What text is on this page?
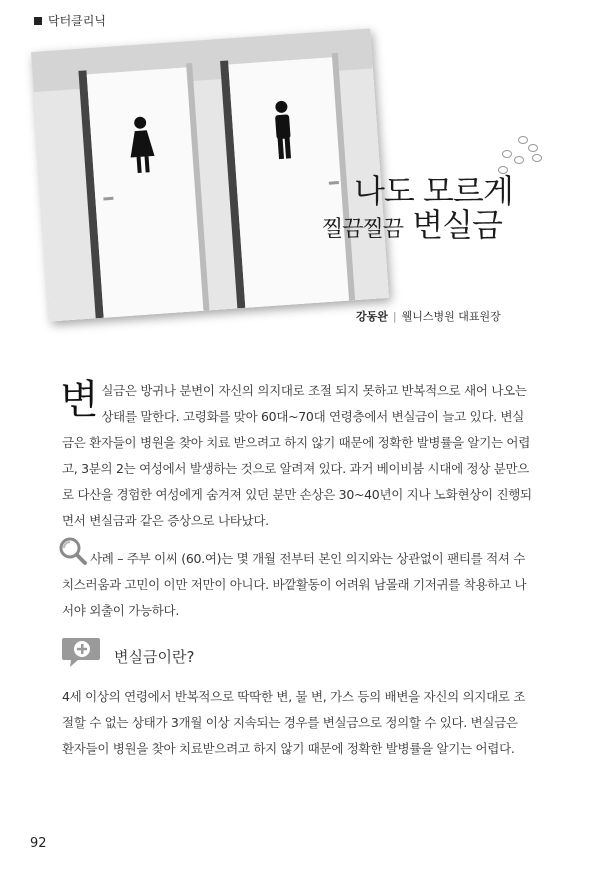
닥터클리닉
나도 모르게
찔끔찔끔 변실금
강동완 | 웰니스병원 대표원장
변실금은 방귀나 분변이 자신의 의지대로 조절 되지 못하고 반복적으로 새어 나오는 상태를 말한다. 고령화를 맞아 60대~70대 연령층에서 변실금이 늘고 있다. 변실금은 환자들이 병원을 찾아 치료 받으려고 하지 않기 때문에 정확한 발병률을 알기는 어렵고, 3분의 2는 여성에서 발생하는 것으로 알려져 있다. 과거 베이비붐 시대에 정상 분만으로 다산을 경험한 여성에게 숨겨져 있던 분만 손상은 30~40년이 지나 노화현상이 진행되면서 변실금과 같은 증상으로 나타났다.
사례 – 주부 이씨 (60.여)는 몇 개월 전부터 본인 의지와는 상관없이 팬티를 적셔 수치스러움과 고민이 이만 저만이 아니다. 바깥활동이 어려워 남몰래 기저귀를 착용하고 나서야 외출이 가능하다.
변실금이란?
4세 이상의 연령에서 반복적으로 딱딱한 변, 물 변, 가스 등의 배변을 자신의 의지대로 조절할 수 없는 상태가 3개월 이상 지속되는 경우를 변실금으로 정의할 수 있다. 변실금은 환자들이 병원을 찾아 치료받으려고 하지 않기 때문에 정확한 발병률을 알기는 어렵다.
92
